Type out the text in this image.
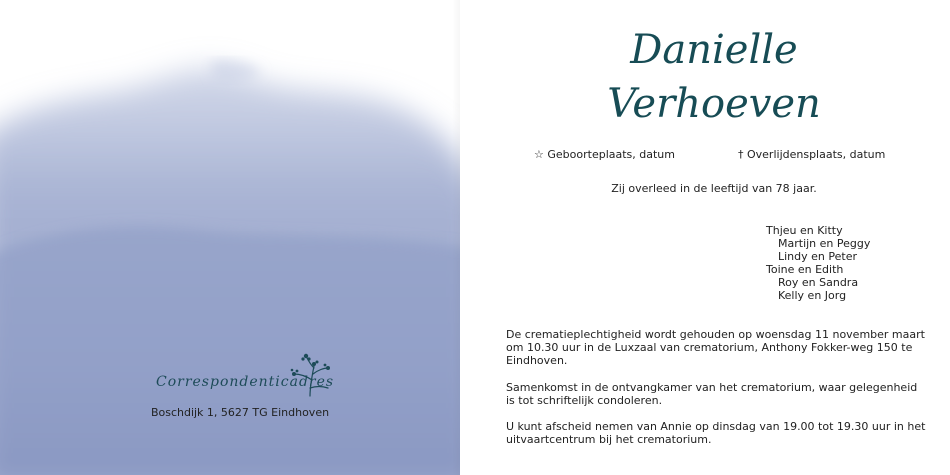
Correspondenticadres
Boschdijk 1, 5627 TG Eindhoven
Danielle
Verhoeven
☆ Geboorteplaats, datum	† Overlijdensplaats, datum
Zij overleed in de leeftijd van 78 jaar.
Thjeu en Kitty
Martijn en Peggy
Lindy en Peter
Toine en Edith
Roy en Sandra
Kelly en Jorg
De crematieplechtigheid wordt gehouden op woensdag 11 november maart om 10.30 uur in de Luxzaal van crematorium, Anthony Fokker-weg 150 te Eindhoven.
Samenkomst in de ontvangkamer van het crematorium, waar gelegenheid is tot schriftelijk condoleren.
U kunt afscheid nemen van Annie op dinsdag van 19.00 tot 19.30 uur in het uitvaartcentrum bij het crematorium.
